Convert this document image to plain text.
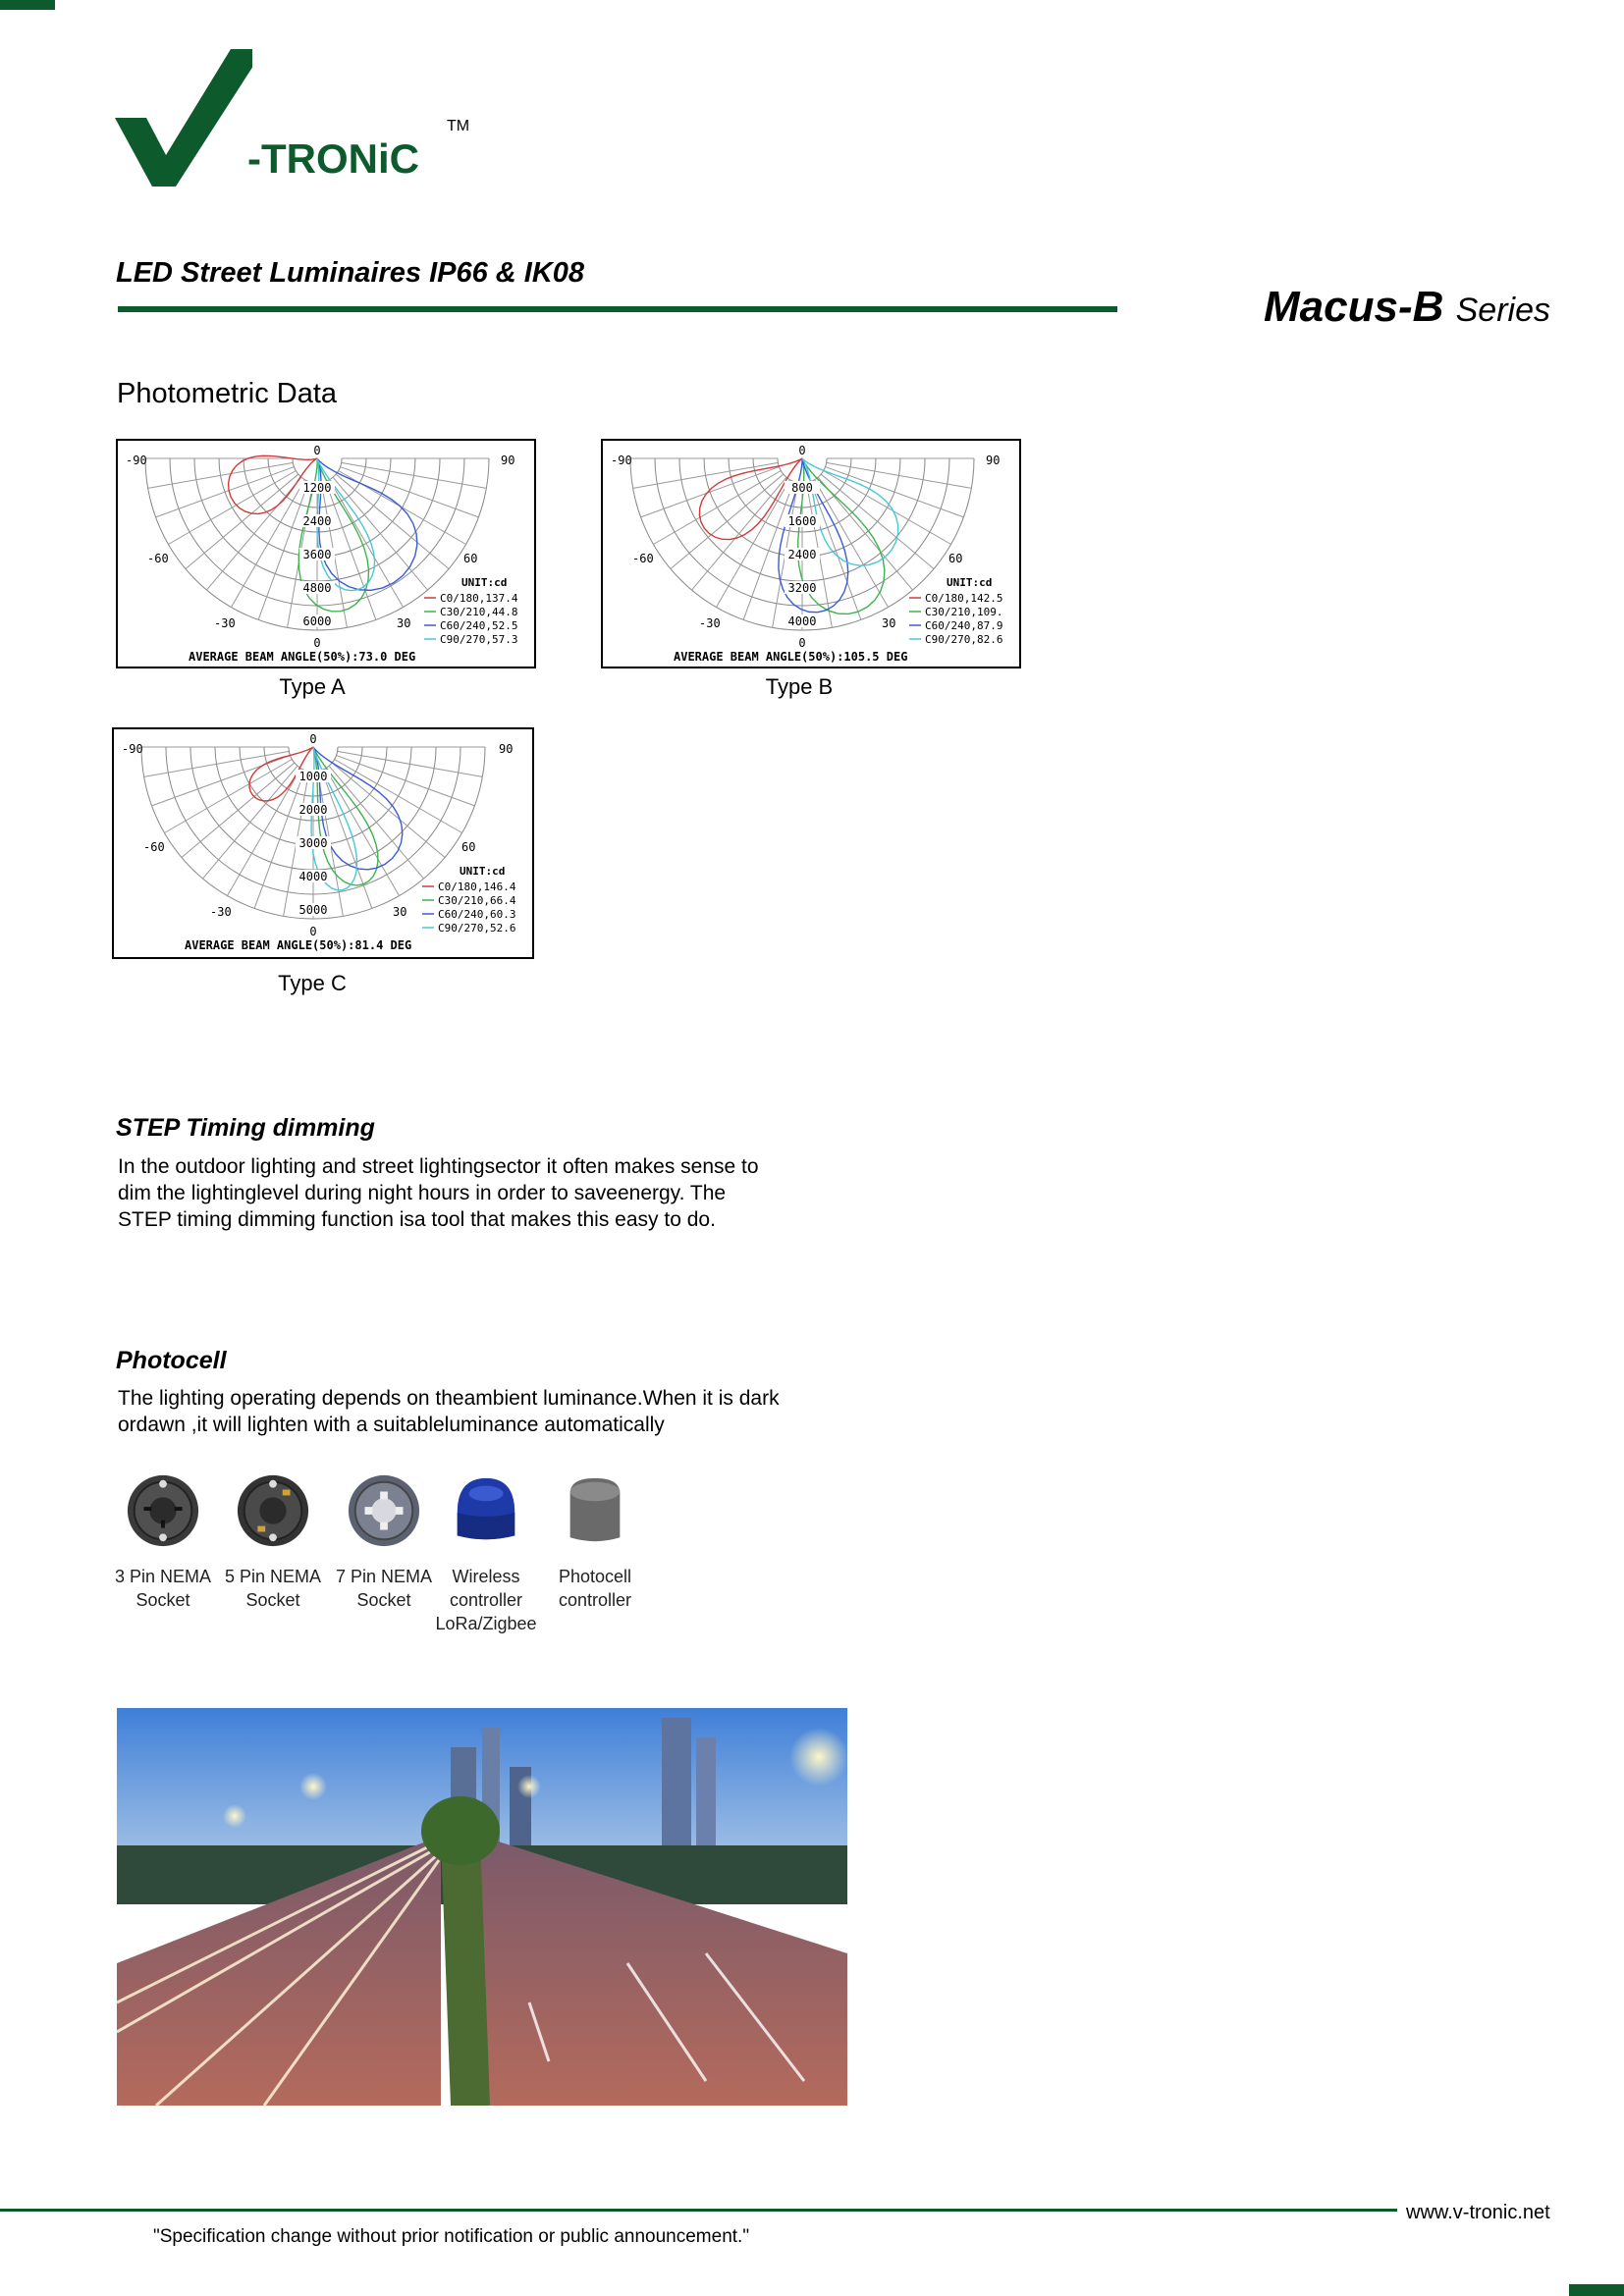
-TRONiC
TM
LED Street Luminaires IP66 & IK08
Macus-B Series
Photometric Data
1200
2400
3600
4800
6000
0
-90	90
-60	60
-30	30
0
UNIT:cd
C0/180,137.4
C30/210,44.8
C60/240,52.5
C90/270,57.3
AVERAGE BEAM ANGLE(50%):73.0 DEG
Type A
800
1600
2400
3200
4000
0
-90	90
-60	60
-30	30
0
UNIT:cd
C0/180,142.5
C30/210,109.
C60/240,87.9
C90/270,82.6
AVERAGE BEAM ANGLE(50%):105.5 DEG
Type B
1000
2000
3000
4000
5000
0
-90	90
-60	60
-30	30
0
UNIT:cd
C0/180,146.4
C30/210,66.4
C60/240,60.3
C90/270,52.6
AVERAGE BEAM ANGLE(50%):81.4 DEG
Type C
STEP Timing dimming
In the outdoor lighting and street lightingsector it often makes sense to
dim the lightinglevel during night hours in order to saveenergy. The
STEP timing dimming function isa tool that makes this easy to do.
Photocell
The lighting operating depends on theambient luminance.When it is dark
ordawn ,it will lighten with a suitableluminance automatically
3 Pin NEMA
Socket
5 Pin NEMA
Socket
7 Pin NEMA
Socket
Wireless
controller
LoRa/Zigbee
Photocell
controller
www.v-tronic.net
"Specification change without prior notification or public announcement."
